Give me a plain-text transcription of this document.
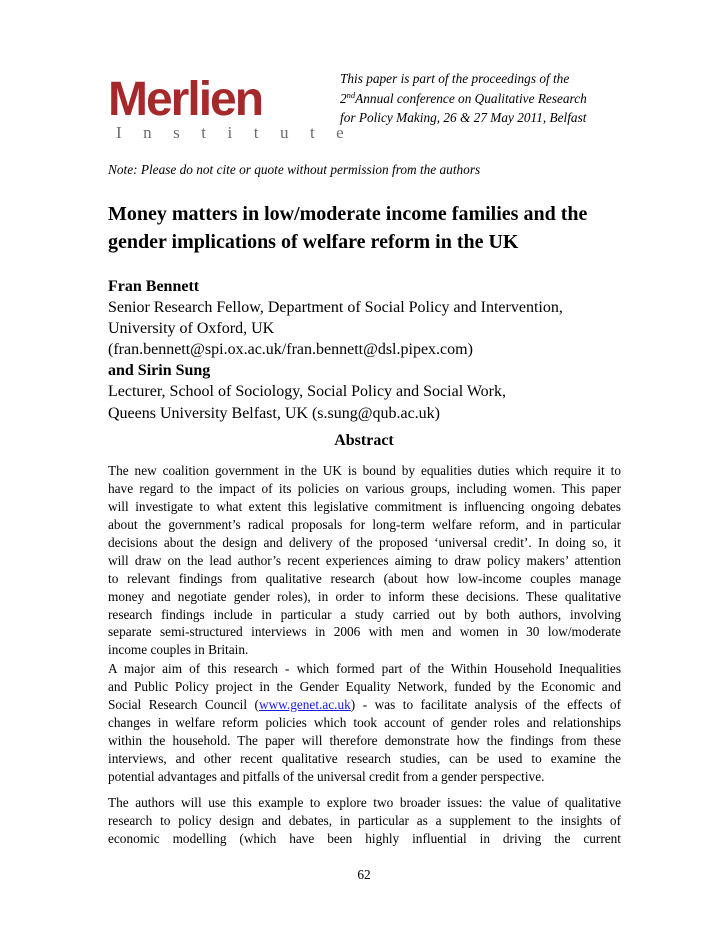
Merlien
Institute
This paper is part of the proceedings of the
2ndAnnual conference on Qualitative Research
for Policy Making, 26 & 27 May 2011, Belfast
Note: Please do not cite or quote without permission from the authors
Money matters in low/moderate income families and the
gender implications of welfare reform in the UK
Fran Bennett
Senior Research Fellow, Department of Social Policy and Intervention,
University of Oxford, UK
(fran.bennett@spi.ox.ac.uk/fran.bennett@dsl.pipex.com)
and Sirin Sung
Lecturer, School of Sociology, Social Policy and Social Work,
Queens University Belfast, UK (s.sung@qub.ac.uk)
Abstract
The new coalition government in the UK is bound by equalities duties which require it to
have regard to the impact of its policies on various groups, including women. This paper
will investigate to what extent this legislative commitment is influencing ongoing debates
about the government’s radical proposals for long-term welfare reform, and in particular
decisions about the design and delivery of the proposed ‘universal credit’. In doing so, it
will draw on the lead author’s recent experiences aiming to draw policy makers’ attention
to relevant findings from qualitative research (about how low-income couples manage
money and negotiate gender roles), in order to inform these decisions. These qualitative
research findings include in particular a study carried out by both authors, involving
separate semi-structured interviews in 2006 with men and women in 30 low/moderate
income couples in Britain.
A major aim of this research - which formed part of the Within Household Inequalities
and Public Policy project in the Gender Equality Network, funded by the Economic and
Social Research Council (www.genet.ac.uk) - was to facilitate analysis of the effects of
changes in welfare reform policies which took account of gender roles and relationships
within the household. The paper will therefore demonstrate how the findings from these
interviews, and other recent qualitative research studies, can be used to examine the
potential advantages and pitfalls of the universal credit from a gender perspective.
The authors will use this example to explore two broader issues: the value of qualitative
research to policy design and debates, in particular as a supplement to the insights of
economic modelling (which have been highly influential in driving the current
62
